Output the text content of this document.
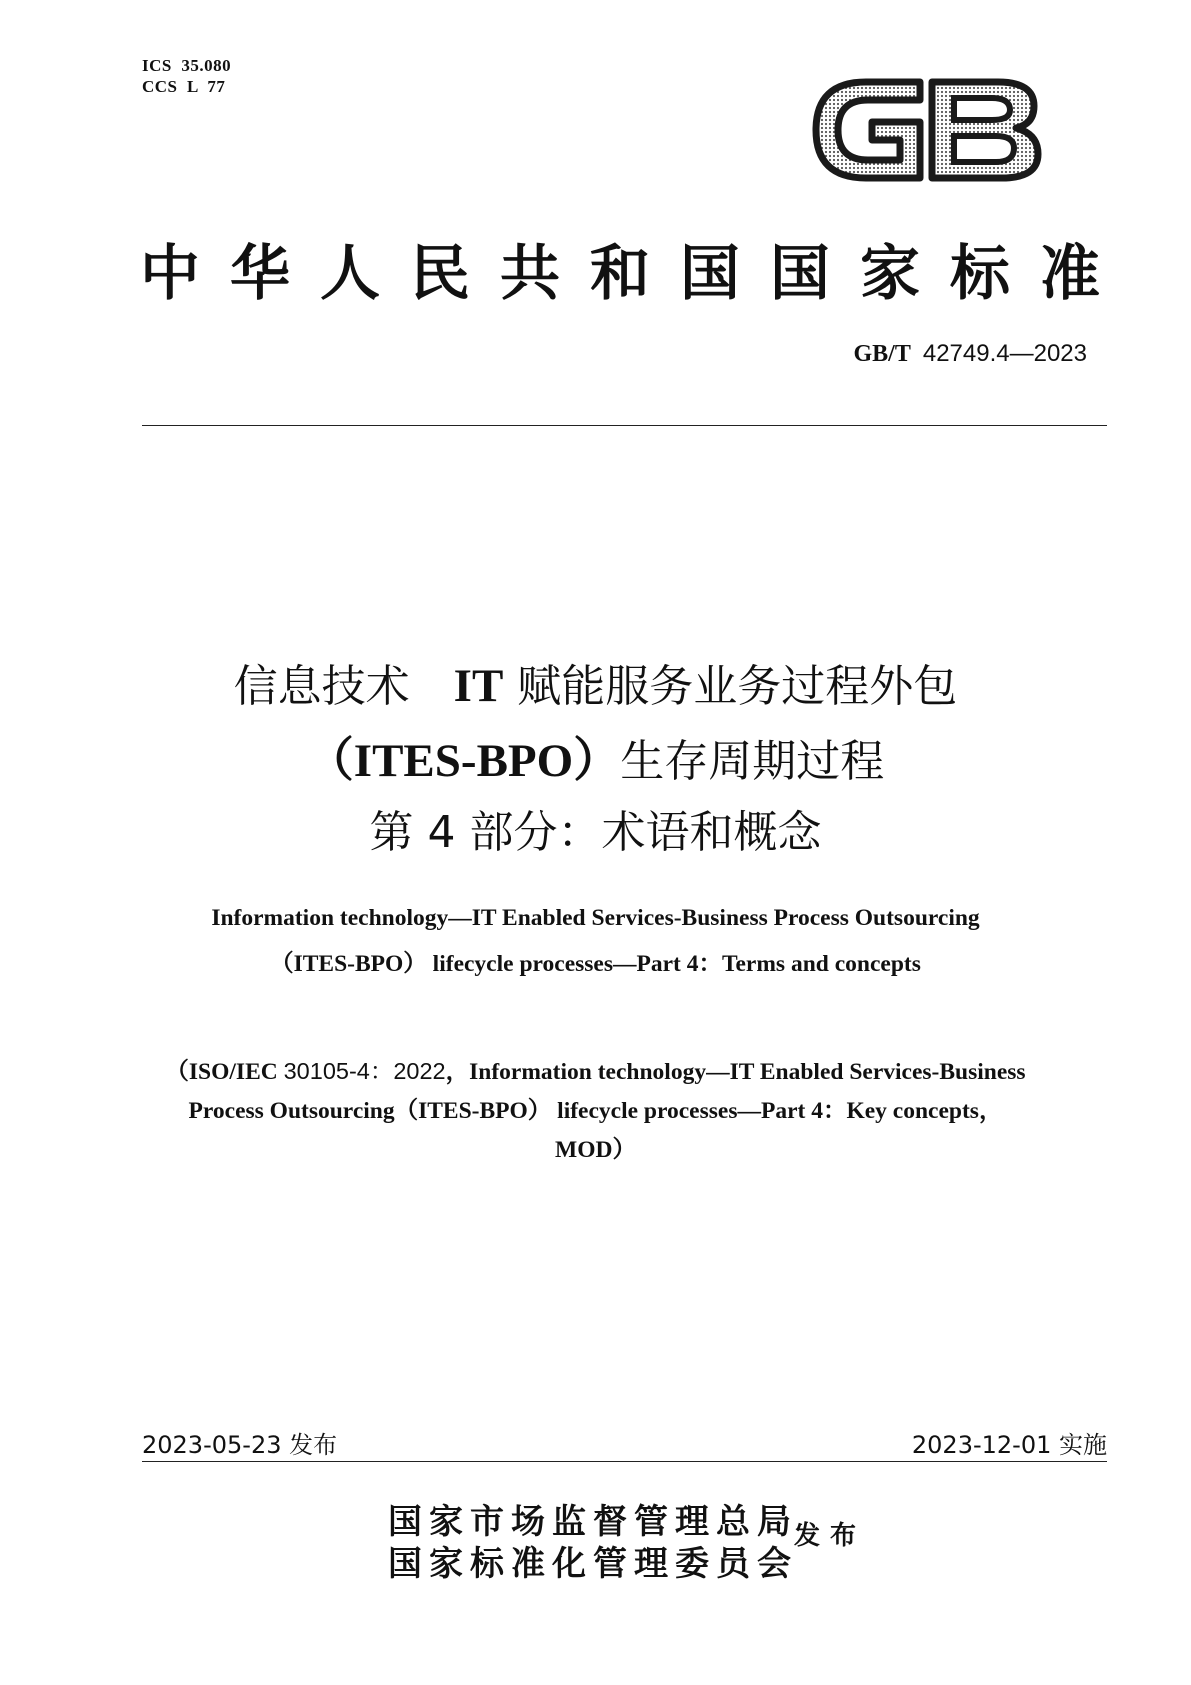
ICS  35.080
CCS  L  77
中华人民共和国国家标准
GB/T 42749.4—2023
信息技术　IT 赋能服务业务过程外包
（ITES-BPO）生存周期过程
第 4 部分：术语和概念
Information technology—IT Enabled Services-Business Process Outsourcing
（ITES-BPO） lifecycle processes—Part 4：Terms and concepts
（ISO/IEC 30105-4：2022，Information technology—IT Enabled Services-Business
Process Outsourcing（ITES-BPO） lifecycle processes—Part 4：Key concepts，
MOD）
2023-05-23 发布	2023-12-01 实施
国家市场监督管理总局
国家标准化管理委员会
发布
